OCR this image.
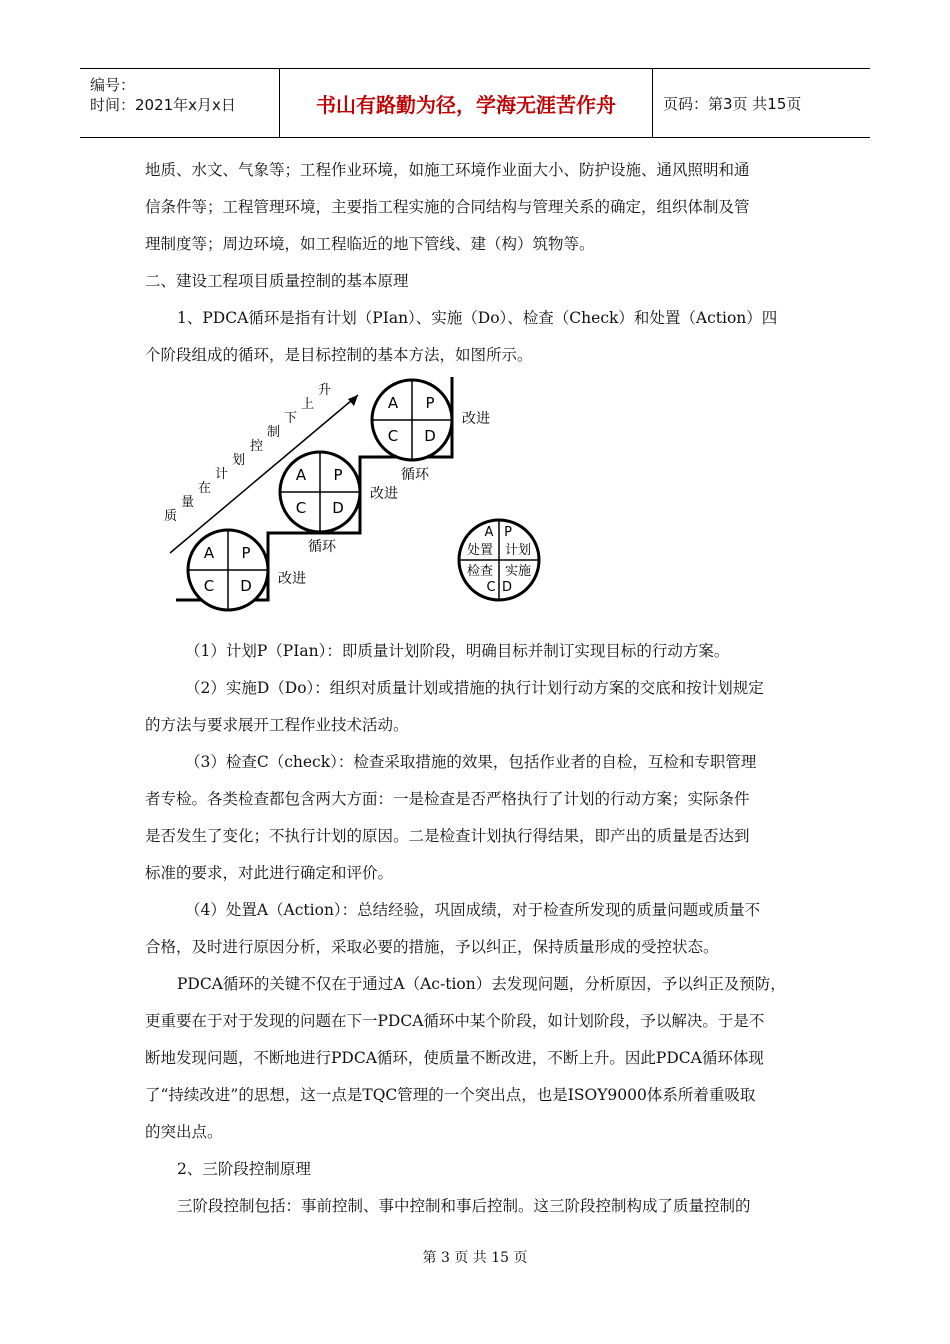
编号：
时间：2021年x月x日	书山有路勤为径，学海无涯苦作舟	页码：第3页 共15页
地质、水文、气象等；工程作业环境，如施工环境作业面大小、防护设施、通风照明和通
信条件等；工程管理环境，主要指工程实施的合同结构与管理关系的确定，组织体制及管
理制度等；周边环境，如工程临近的地下管线、建（构）筑物等。
二、建设工程项目质量控制的基本原理
1、PDCA循环是指有计划（PIan）、实施（Do）、检查（Check）和处置（Action）四
个阶段组成的循环，是目标控制的基本方法，如图所示。
质
量
在
计
划
控
制
下
上
升
A P
C D 改进
A P
C D
循环
改进
A P
C D
循环
改进
A P
处置 计划
检查 实施
C D
（1）计划P（PIan）：即质量计划阶段，明确目标并制订实现目标的行动方案。
（2）实施D（Do）：组织对质量计划或措施的执行计划行动方案的交底和按计划规定
的方法与要求展开工程作业技术活动。
（3）检查C（check）：检查采取措施的效果，包括作业者的自检，互检和专职管理
者专检。各类检查都包含两大方面：一是检查是否严格执行了计划的行动方案；实际条件
是否发生了变化；不执行计划的原因。二是检查计划执行得结果，即产出的质量是否达到
标准的要求，对此进行确定和评价。
（4）处置A（Action）：总结经验，巩固成绩，对于检查所发现的质量问题或质量不
合格，及时进行原因分析，采取必要的措施，予以纠正，保持质量形成的受控状态。
PDCA循环的关键不仅在于通过A（Ac-tion）去发现问题，分析原因，予以纠正及预防，
更重要在于对于发现的问题在下一PDCA循环中某个阶段，如计划阶段，予以解决。于是不
断地发现问题，不断地进行PDCA循环，使质量不断改进，不断上升。因此PDCA循环体现
了“持续改进”的思想，这一点是TQC管理的一个突出点，也是ISOY9000体系所着重吸取
的突出点。
2、三阶段控制原理
三阶段控制包括：事前控制、事中控制和事后控制。这三阶段控制构成了质量控制的
第 3 页 共 15 页
